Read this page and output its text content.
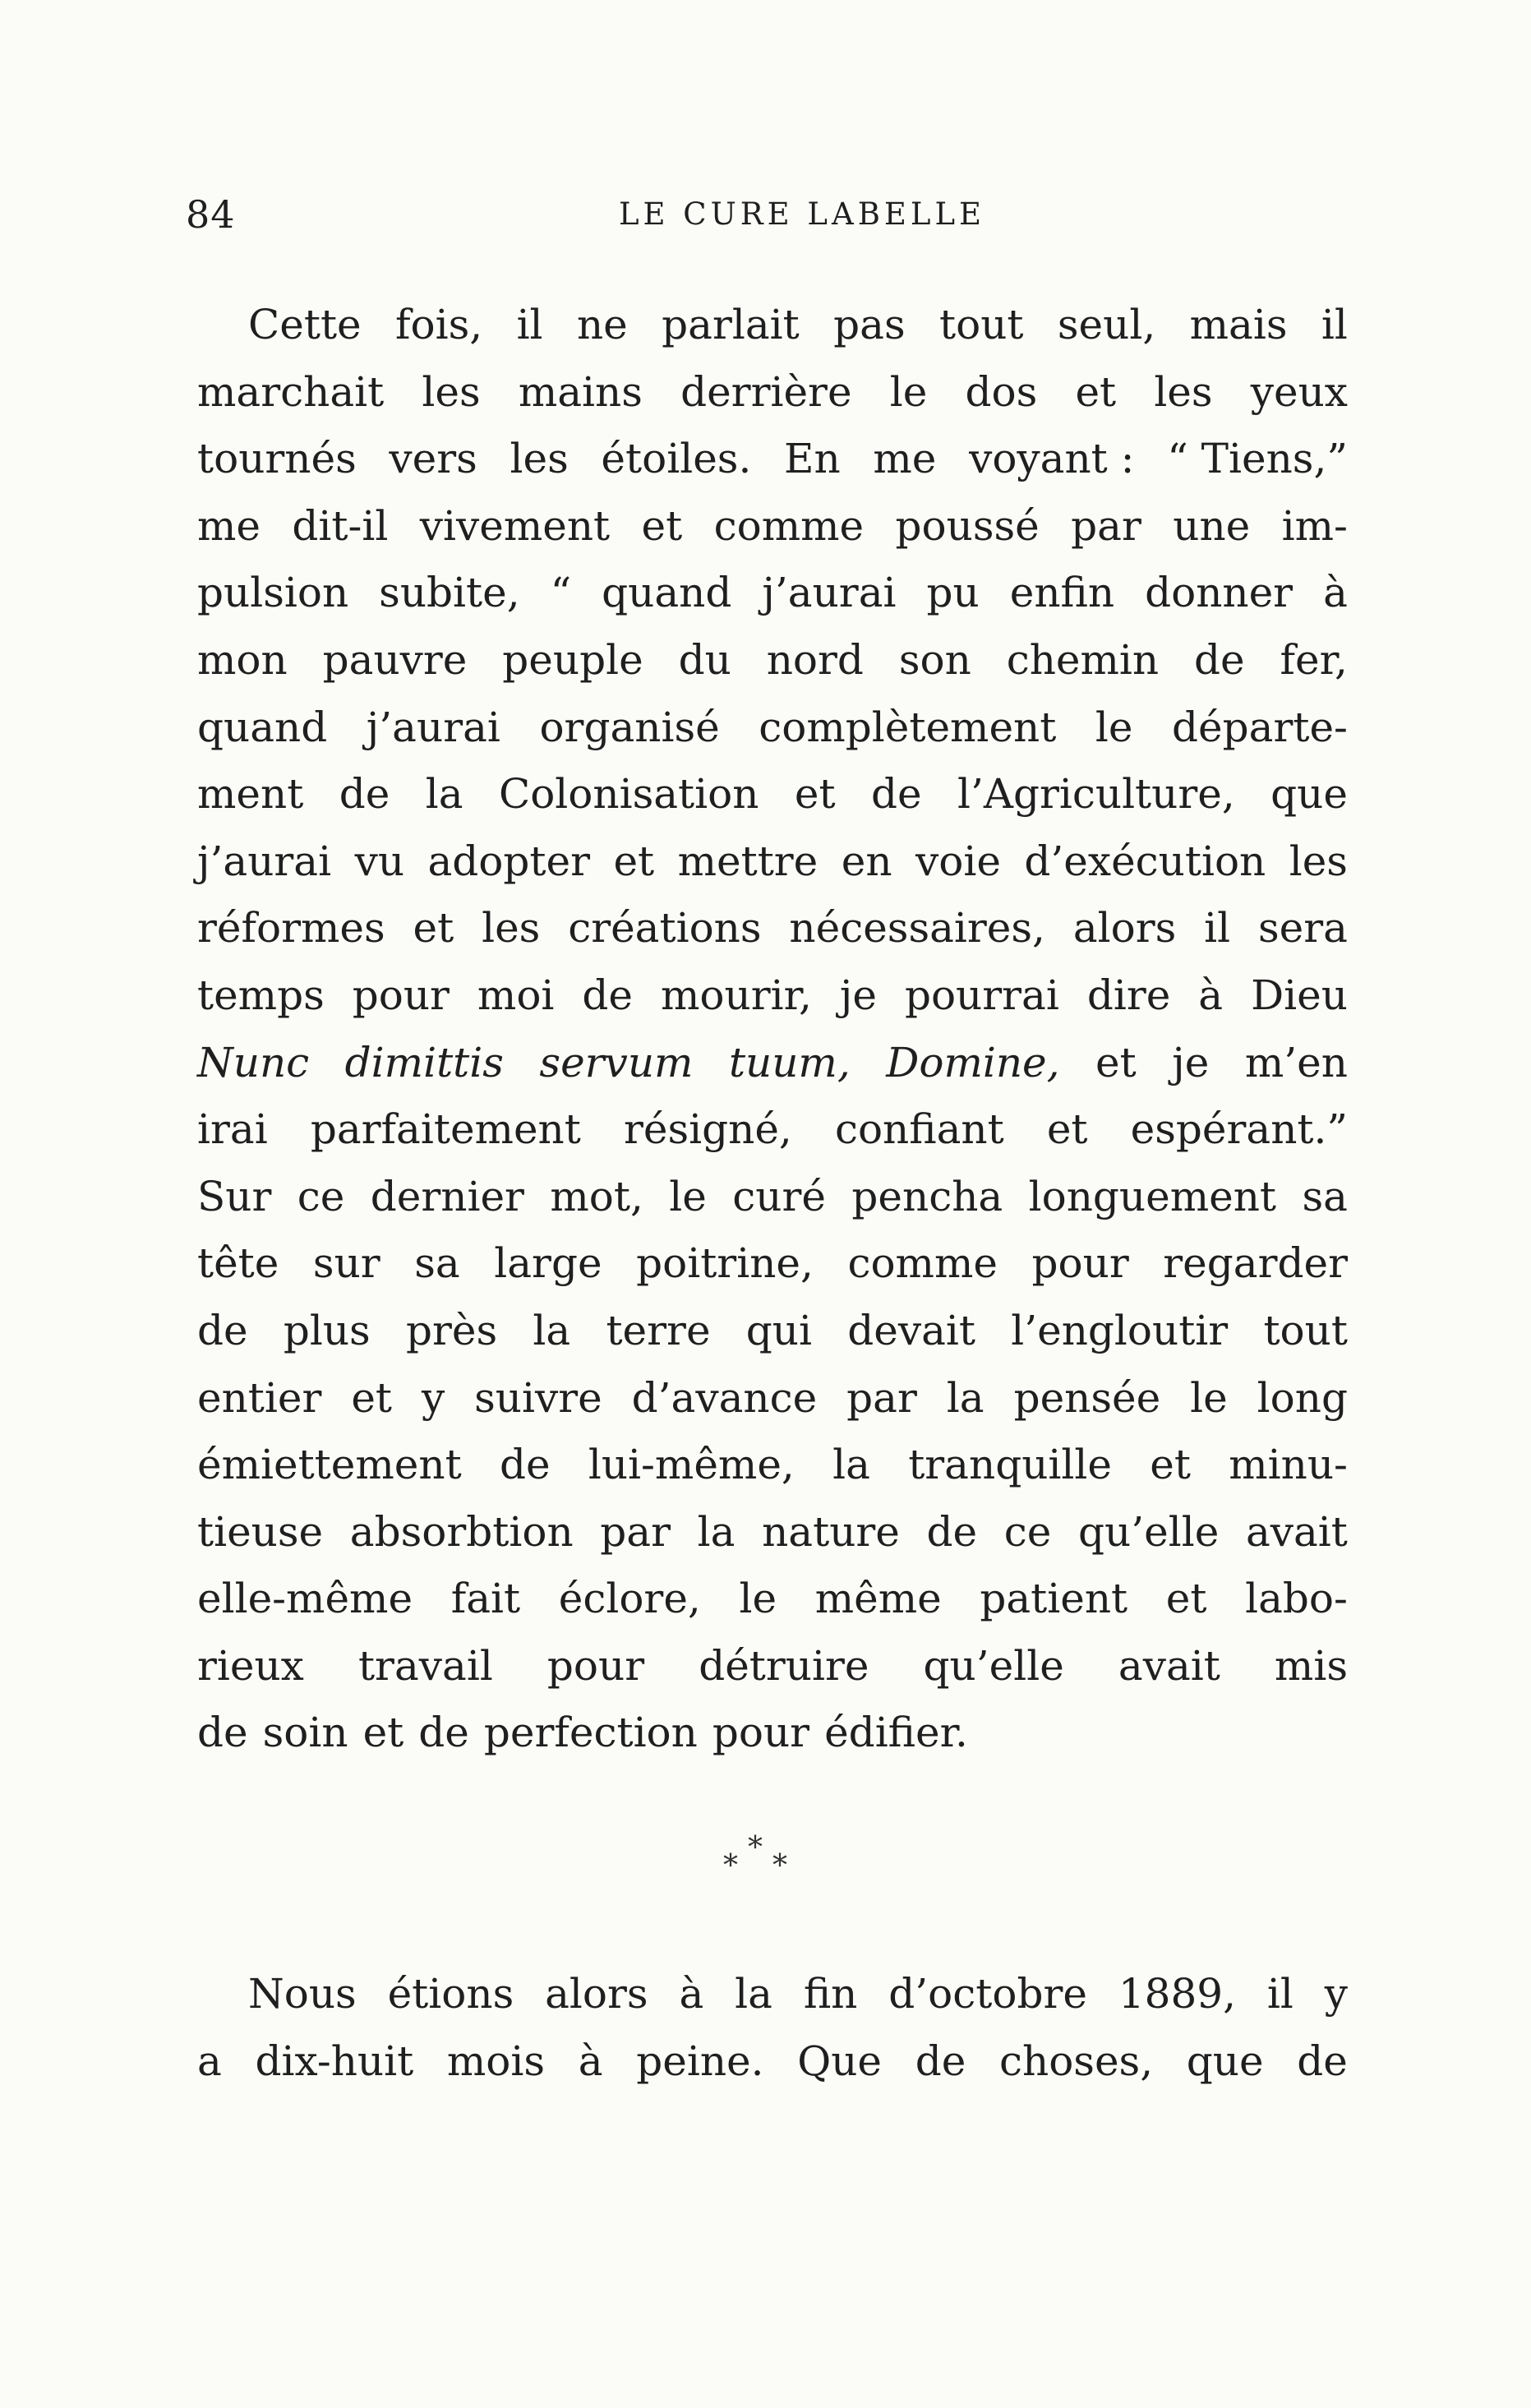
84	LE CURE LABELLE
Cette fois, il ne parlait pas tout seul, mais il
marchait les mains derrière le dos et les yeux
tournés vers les étoiles. En me voyant : “ Tiens,”
me dit-il vivement et comme poussé par une im-
pulsion subite, “ quand j’aurai pu enfin donner à
mon pauvre peuple du nord son chemin de fer,
quand j’aurai organisé complètement le départe-
ment de la Colonisation et de l’Agriculture, que
j’aurai vu adopter et mettre en voie d’exécution les
réformes et les créations nécessaires, alors il sera
temps pour moi de mourir, je pourrai dire à Dieu
Nunc dimittis servum tuum, Domine, et je m’en
irai parfaitement résigné, confiant et espérant.”
Sur ce dernier mot, le curé pencha longuement sa
tête sur sa large poitrine, comme pour regarder
de plus près la terre qui devait l’engloutir tout
entier et y suivre d’avance par la pensée le long
émiettement de lui-même, la tranquille et minu-
tieuse absorbtion par la nature de ce qu’elle avait
elle-même fait éclore, le même patient et labo-
rieux travail pour détruire qu’elle avait mis
de soin et de perfection pour édifier.
*
* *
Nous étions alors à la fin d’octobre 1889, il y
a dix-huit mois à peine. Que de choses, que de
